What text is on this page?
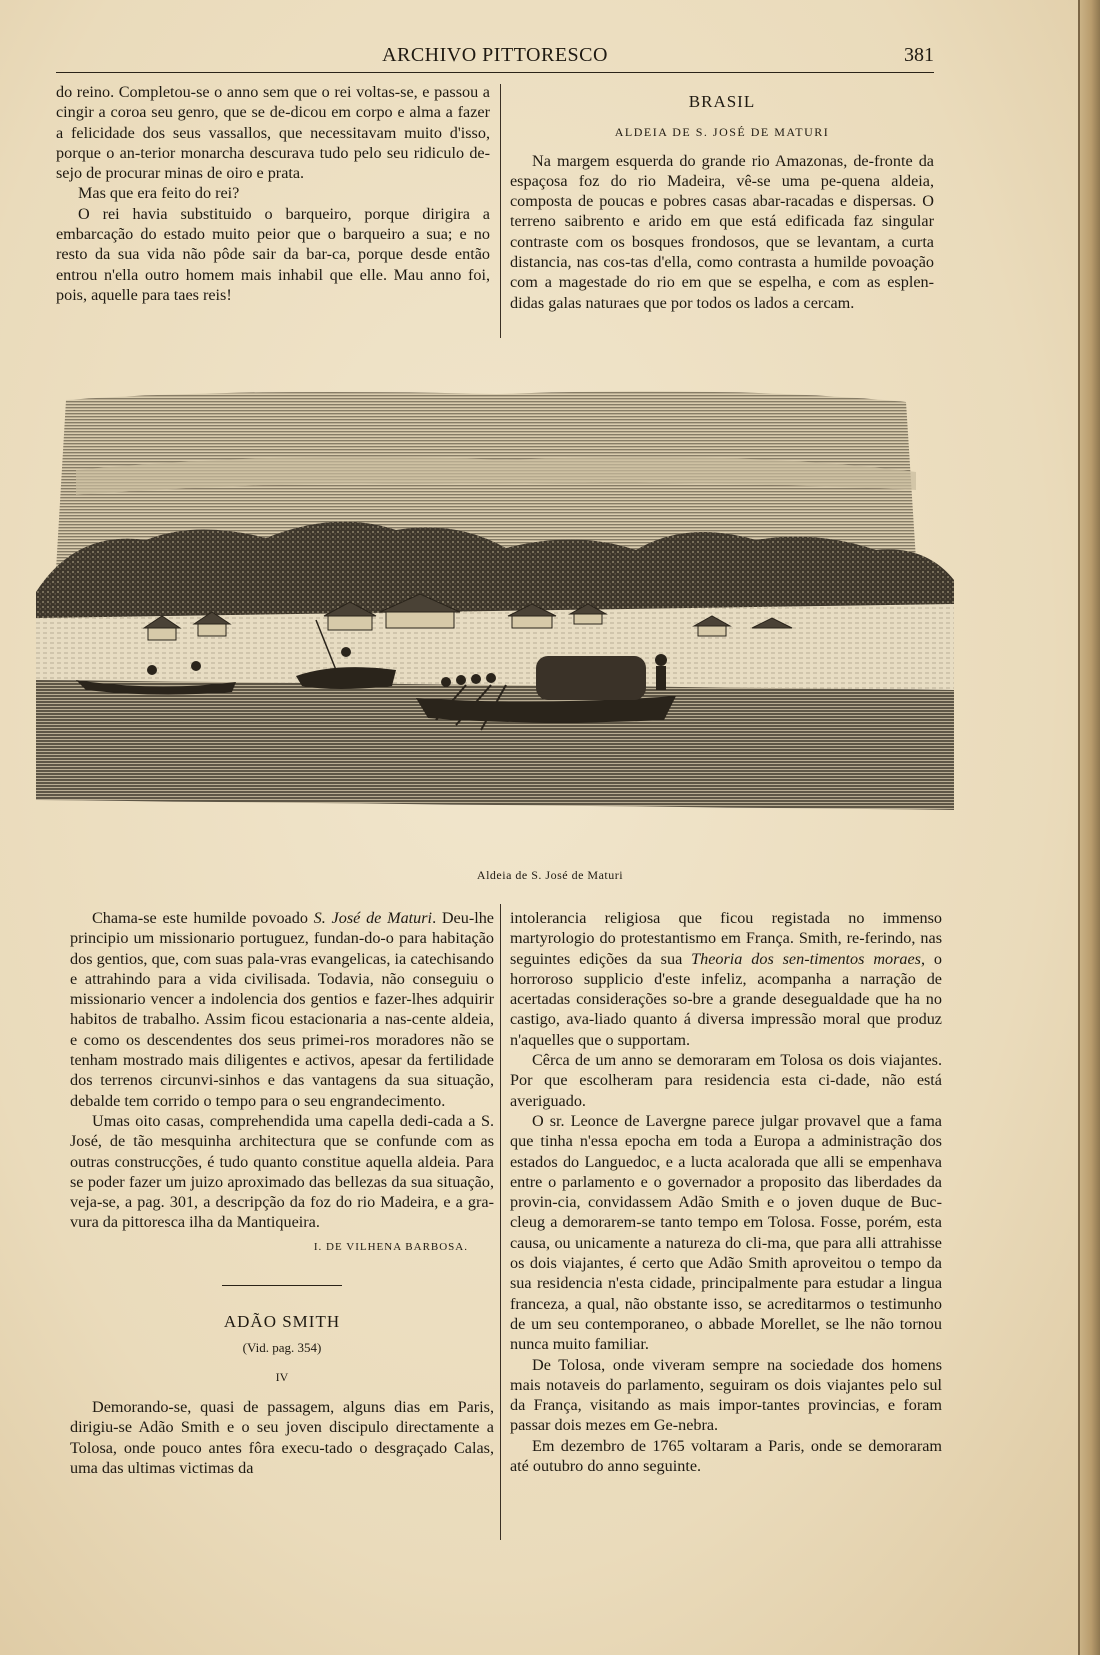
ARCHIVO PITTORESCO	381

do reino. Completou-se o anno sem que o rei voltas-se, e passou a cingir a coroa seu genro, que se de-dicou em corpo e alma a fazer a felicidade dos seus vassallos, que necessitavam muito d'isso, porque o an-terior monarcha descurava tudo pelo seu ridiculo de-sejo de procurar minas de oiro e prata.

Mas que era feito do rei?

O rei havia substituido o barqueiro, porque dirigira a embarcação do estado muito peior que o barqueiro a sua; e no resto da sua vida não pôde sair da bar-ca, porque desde então entrou n'ella outro homem mais inhabil que elle. Mau anno foi, pois, aquelle para taes reis!

BRASIL
ALDEIA DE S. JOSÉ DE MATURI

Na margem esquerda do grande rio Amazonas, de-fronte da espaçosa foz do rio Madeira, vê-se uma pe-quena aldeia, composta de poucas e pobres casas abar-racadas e dispersas. O terreno saibrento e arido em que está edificada faz singular contraste com os bosques frondosos, que se levantam, a curta distancia, nas cos-tas d'ella, como contrasta a humilde povoação com a magestade do rio em que se espelha, e com as esplen-didas galas naturaes que por todos os lados a cercam.

Aldeia de S. José de Maturi

Chama-se este humilde povoado S. José de Maturi. Deu-lhe principio um missionario portuguez, fundan-do-o para habitação dos gentios, que, com suas pala-vras evangelicas, ia catechisando e attrahindo para a vida civilisada. Todavia, não conseguiu o missionario vencer a indolencia dos gentios e fazer-lhes adquirir habitos de trabalho. Assim ficou estacionaria a nas-cente aldeia, e como os descendentes dos seus primei-ros moradores não se tenham mostrado mais diligentes e activos, apesar da fertilidade dos terrenos circunvi-sinhos e das vantagens da sua situação, debalde tem corrido o tempo para o seu engrandecimento.

Umas oito casas, comprehendida uma capella dedi-cada a S. José, de tão mesquinha architectura que se confunde com as outras construcções, é tudo quanto constitue aquella aldeia. Para se poder fazer um juizo aproximado das bellezas da sua situação, veja-se, a pag. 301, a descripção da foz do rio Madeira, e a gra-vura da pittoresca ilha da Mantiqueira.

I. DE VILHENA BARBOSA.
ADÃO SMITH
(Vid. pag. 354)
IV

Demorando-se, quasi de passagem, alguns dias em Paris, dirigiu-se Adão Smith e o seu joven discipulo directamente a Tolosa, onde pouco antes fôra execu-tado o desgraçado Calas, uma das ultimas victimas da

intolerancia religiosa que ficou registada no immenso martyrologio do protestantismo em França. Smith, re-ferindo, nas seguintes edições da sua Theoria dos sen-timentos moraes, o horroroso supplicio d'este infeliz, acompanha a narração de acertadas considerações so-bre a grande desegualdade que ha no castigo, ava-liado quanto á diversa impressão moral que produz n'aquelles que o supportam.

Cêrca de um anno se demoraram em Tolosa os dois viajantes. Por que escolheram para residencia esta ci-dade, não está averiguado.

O sr. Leonce de Lavergne parece julgar provavel que a fama que tinha n'essa epocha em toda a Europa a administração dos estados do Languedoc, e a lucta acalorada que alli se empenhava entre o parlamento e o governador a proposito das liberdades da provin-cia, convidassem Adão Smith e o joven duque de Buc-cleug a demorarem-se tanto tempo em Tolosa. Fosse, porém, esta causa, ou unicamente a natureza do cli-ma, que para alli attrahisse os dois viajantes, é certo que Adão Smith aproveitou o tempo da sua residencia n'esta cidade, principalmente para estudar a lingua franceza, a qual, não obstante isso, se acreditarmos o testimunho de um seu contemporaneo, o abbade Morellet, se lhe não tornou nunca muito familiar.

De Tolosa, onde viveram sempre na sociedade dos homens mais notaveis do parlamento, seguiram os dois viajantes pelo sul da França, visitando as mais impor-tantes provincias, e foram passar dois mezes em Ge-nebra.

Em dezembro de 1765 voltaram a Paris, onde se demoraram até outubro do anno seguinte.
